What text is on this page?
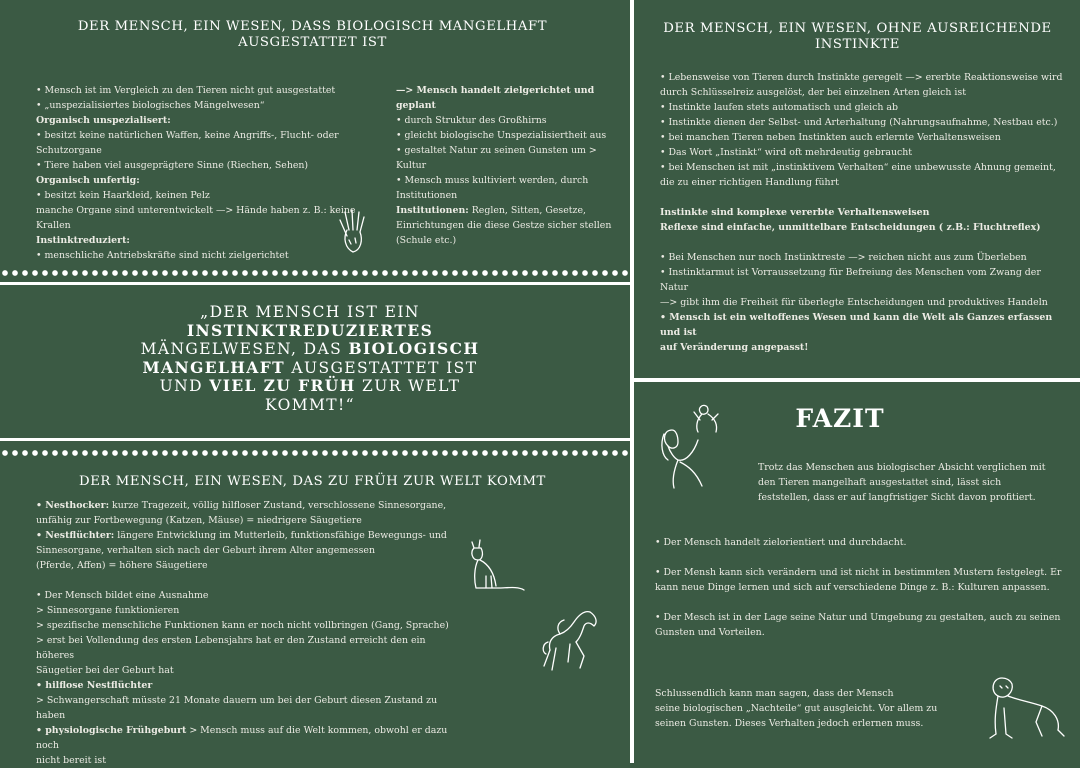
DER MENSCH, EIN WESEN, DASS BIOLOGISCH MANGELHAFT AUSGESTATTET IST

• Mensch ist im Vergleich zu den Tieren nicht gut ausgestattet

• „unspezialisiertes biologisches Mängelwesen“

Organisch unspezialisert:

• besitzt keine natürlichen Waffen, keine Angriffs-, Flucht- oder Schutzorgane

• Tiere haben viel ausgeprägtere Sinne (Riechen, Sehen)

Organisch unfertig:

• besitzt kein Haarkleid, keinen Pelz

manche Organe sind unterentwickelt —> Hände haben z. B.: keine Krallen

Instinktreduziert:

• menschliche Antriebskräfte sind nicht zielgerichtet

—> Mensch handelt zielgerichtet und geplant

• durch Struktur des Großhirns

• gleicht biologische Unspezialisiertheit aus

• gestaltet Natur zu seinen Gunsten um >

Kultur

• Mensch muss kultiviert werden, durch

Institutionen

Institutionen: Reglen, Sitten, Gesetze,

Einrichtungen die diese Gestze sicher stellen

(Schule etc.)

„DER MENSCH IST EIN INSTINKTREDUZIERTES MÄNGELWESEN, DAS BIOLOGISCH MANGELHAFT AUSGESTATTET IST UND VIEL ZU FRÜH ZUR WELT KOMMT!“
DER MENSCH, EIN WESEN, DAS ZU FRÜH ZUR WELT KOMMT

• Nesthocker: kurze Tragezeit, völlig hilfloser Zustand, verschlossene Sinnesorgane,

unfähig zur Fortbewegung (Katzen, Mäuse) = niedrigere Säugetiere

• Nestflüchter: längere Entwicklung im Mutterleib, funktionsfähige Bewegungs- und

Sinnesorgane, verhalten sich nach der Geburt ihrem Alter angemessen

(Pferde, Affen) = höhere Säugetiere

• Der Mensch bildet eine Ausnahme

> Sinnesorgane funktionieren

> spezifische menschliche Funktionen kann er noch nicht vollbringen (Gang, Sprache)

> erst bei Vollendung des ersten Lebensjahrs hat er den Zustand erreicht den ein höheres

Säugetier bei der Geburt hat

• hilflose Nestflüchter

> Schwangerschaft müsste 21 Monate dauern um bei der Geburt diesen Zustand zu haben

• physiologische Frühgeburt > Mensch muss auf die Welt kommen, obwohl er dazu noch

nicht bereit ist

DER MENSCH, EIN WESEN, OHNE AUSREICHENDE INSTINKTE

• Lebensweise von Tieren durch Instinkte geregelt —> ererbte Reaktionsweise wird

durch Schlüsselreiz ausgelöst, der bei einzelnen Arten gleich ist

• Instinkte laufen stets automatisch und gleich ab

• Instinkte dienen der Selbst- und Arterhaltung (Nahrungsaufnahme, Nestbau etc.)

• bei manchen Tieren neben Instinkten auch erlernte Verhaltensweisen

• Das Wort „Instinkt“ wird oft mehrdeutig gebraucht

• bei Menschen ist mit „instinktivem Verhalten“ eine unbewusste Ahnung gemeint,

die zu einer richtigen Handlung führt

Instinkte sind komplexe vererbte Verhaltensweisen

Reflexe sind einfache, unmittelbare Entscheidungen ( z.B.: Fluchtreflex)

• Bei Menschen nur noch Instinktreste —> reichen nicht aus zum Überleben

• Instinktarmut ist Vorraussetzung für Befreiung des Menschen vom Zwang der

Natur

—> gibt ihm die Freiheit für überlegte Entscheidungen und produktives Handeln

• Mensch ist ein weltoffenes Wesen und kann die Welt als Ganzes erfassen und ist

auf Veränderung angepasst!

FAZIT

Trotz das Menschen aus biologischer Absicht verglichen mit

den Tieren mangelhaft ausgestattet sind, lässt sich

feststellen, dass er auf langfristiger Sicht davon profitiert.

• Der Mensch handelt zielorientiert und durchdacht.

• Der Mensh kann sich verändern und ist nicht in bestimmten Mustern festgelegt. Er

kann neue Dinge lernen und sich auf verschiedene Dinge z. B.: Kulturen anpassen.

• Der Mesch ist in der Lage seine Natur und Umgebung zu gestalten, auch zu seinen

Gunsten und Vorteilen.

Schlussendlich kann man sagen, dass der Mensch

seine biologischen „Nachteile“ gut ausgleicht. Vor allem zu

seinen Gunsten. Dieses Verhalten jedoch erlernen muss.
